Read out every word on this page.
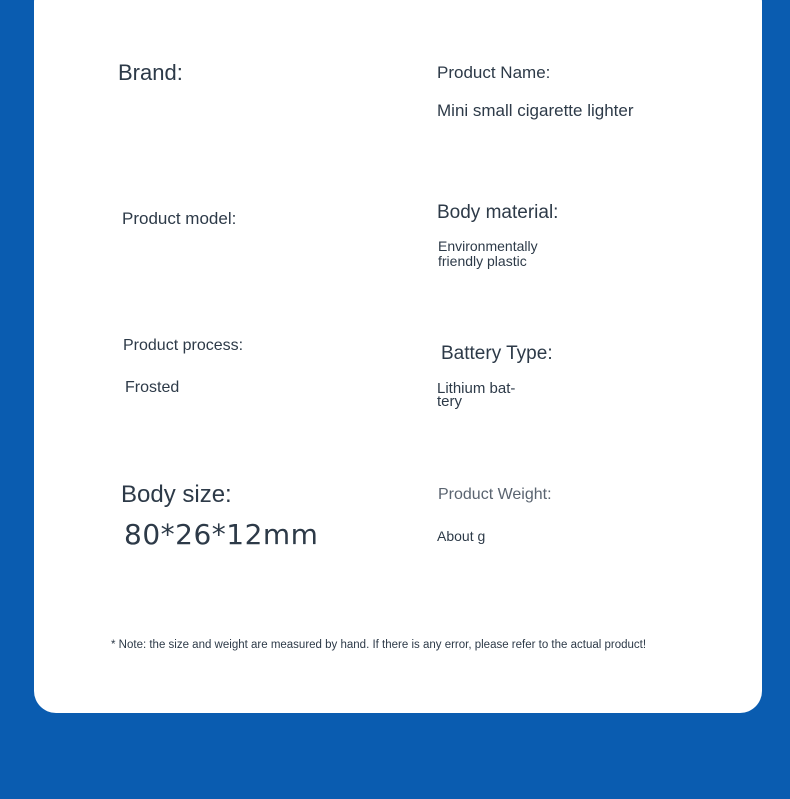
Brand:	Product Name:
Mini small cigarette lighter
Product model:	Body material:
Environmentally
friendly plastic
Product process:
Frosted
Battery Type:
Lithium bat-
tery
Body size:
80*26*12mm
Product Weight:
About g
* Note: the size and weight are measured by hand. If there is any error, please refer to the actual product!
